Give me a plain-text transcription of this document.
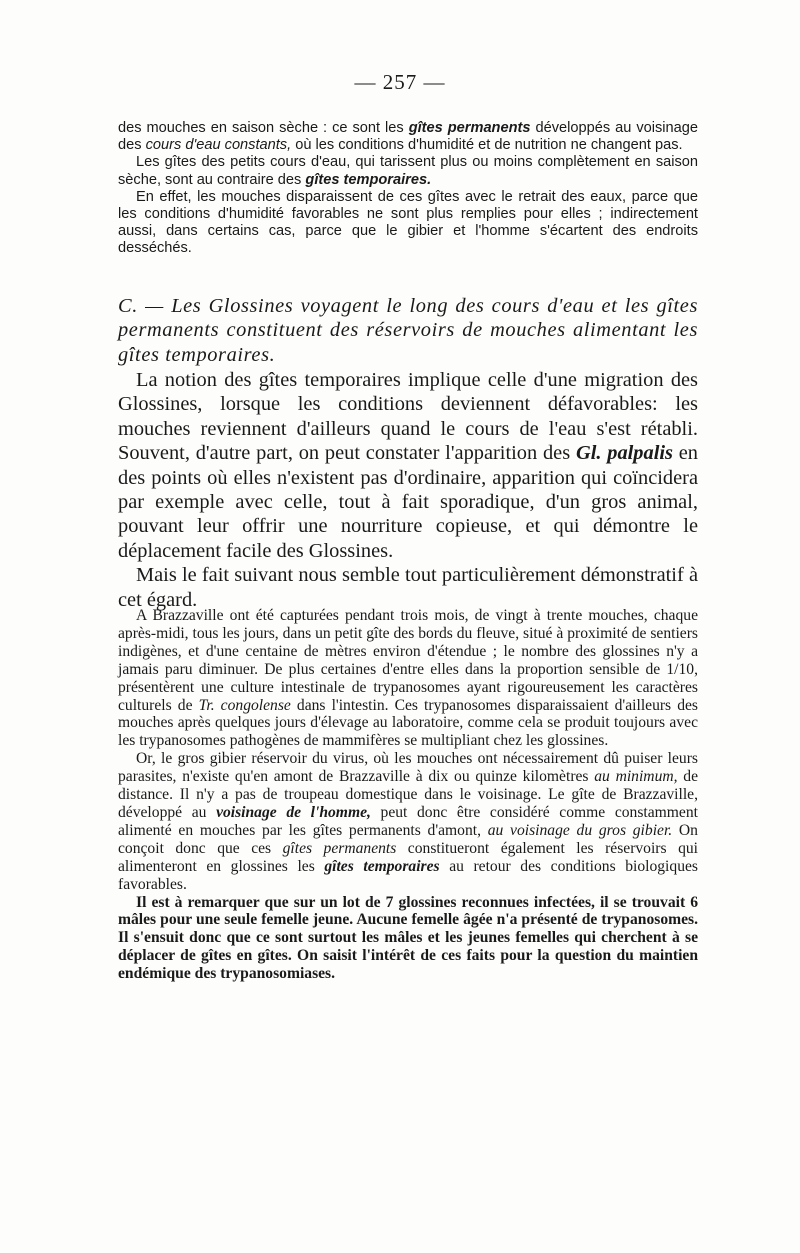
— 257 —

des mouches en saison sèche : ce sont les gîtes permanents développés au voisinage des cours d'eau constants, où les conditions d'humidité et de nutrition ne changent pas.

Les gîtes des petits cours d'eau, qui tarissent plus ou moins complètement en saison sèche, sont au contraire des gîtes temporaires.

En effet, les mouches disparaissent de ces gîtes avec le retrait des eaux, parce que les conditions d'humidité favorables ne sont plus remplies pour elles ; indirectement aussi, dans certains cas, parce que le gibier et l'homme s'écartent des endroits desséchés.

C. — Les Glossines voyagent le long des cours d'eau et les gîtes permanents constituent des réservoirs de mouches alimentant les gîtes temporaires.

La notion des gîtes temporaires implique celle d'une migration des Glossines, lorsque les conditions deviennent défavorables: les mouches reviennent d'ailleurs quand le cours de l'eau s'est rétabli. Souvent, d'autre part, on peut constater l'apparition des Gl. palpalis en des points où elles n'existent pas d'ordinaire, apparition qui coïncidera par exemple avec celle, tout à fait sporadique, d'un gros animal, pouvant leur offrir une nourriture copieuse, et qui démontre le déplacement facile des Glossines.

Mais le fait suivant nous semble tout particulièrement démonstratif à cet égard.

A Brazzaville ont été capturées pendant trois mois, de vingt à trente mouches, chaque après-midi, tous les jours, dans un petit gîte des bords du fleuve, situé à proximité de sentiers indigènes, et d'une centaine de mètres environ d'étendue ; le nombre des glossines n'y a jamais paru diminuer. De plus certaines d'entre elles dans la proportion sensible de 1/10, présentèrent une culture intestinale de trypanosomes ayant rigoureusement les caractères culturels de Tr. congolense dans l'intestin. Ces trypanosomes disparaissaient d'ailleurs des mouches après quelques jours d'élevage au laboratoire, comme cela se produit toujours avec les trypanosomes pathogènes de mammifères se multipliant chez les glossines.

Or, le gros gibier réservoir du virus, où les mouches ont nécessairement dû puiser leurs parasites, n'existe qu'en amont de Brazzaville à dix ou quinze kilomètres au minimum, de distance. Il n'y a pas de troupeau domestique dans le voisinage. Le gîte de Brazzaville, développé au voisinage de l'homme, peut donc être considéré comme constamment alimenté en mouches par les gîtes permanents d'amont, au voisinage du gros gibier. On conçoit donc que ces gîtes permanents constitueront également les réservoirs qui alimenteront en glossines les gîtes temporaires au retour des conditions biologiques favorables.

Il est à remarquer que sur un lot de 7 glossines reconnues infectées, il se trouvait 6 mâles pour une seule femelle jeune. Aucune femelle âgée n'a présenté de trypanosomes. Il s'ensuit donc que ce sont surtout les mâles et les jeunes femelles qui cherchent à se déplacer de gîtes en gîtes. On saisit l'intérêt de ces faits pour la question du maintien endémique des trypanosomiases.
